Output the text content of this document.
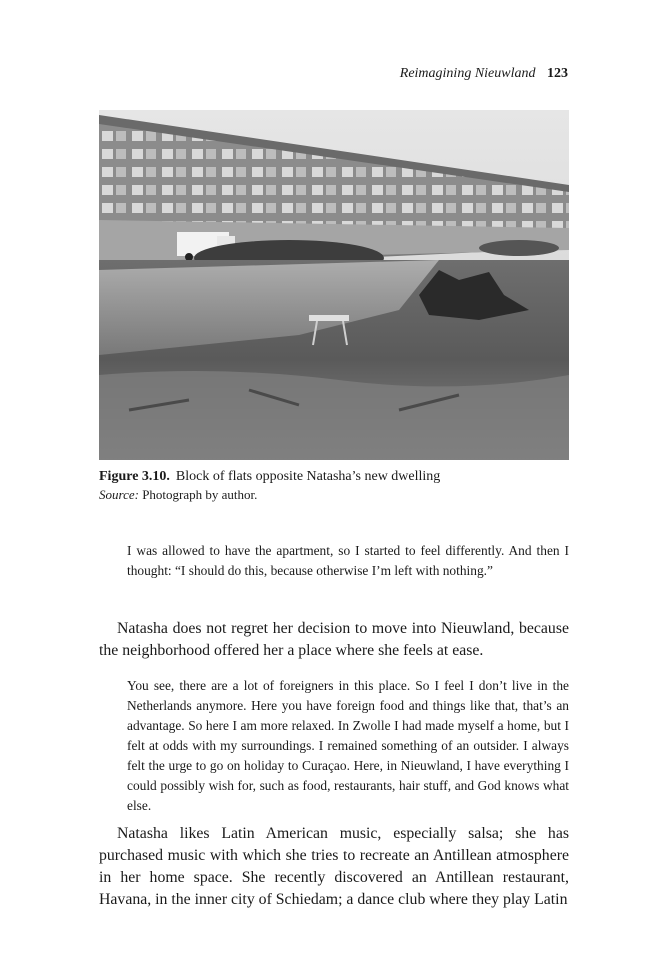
Reimagining Nieuwland 123
Figure 3.10. Block of flats opposite Natasha’s new dwelling
Source: Photograph by author.

I was allowed to have the apartment, so I started to feel differently. And then I thought: “I should do this, because otherwise I’m left with nothing.”

Natasha does not regret her decision to move into Nieuwland, because the neighborhood offered her a place where she feels at ease.

You see, there are a lot of foreigners in this place. So I feel I don’t live in the Netherlands anymore. Here you have foreign food and things like that, that’s an advantage. So here I am more relaxed. In Zwolle I had made myself a home, but I felt at odds with my surroundings. I remained something of an outsider. I always felt the urge to go on holiday to Curaçao. Here, in Nieuwland, I have everything I could possibly wish for, such as food, restaurants, hair stuff, and God knows what else.

Natasha likes Latin American music, especially salsa; she has purchased music with which she tries to recreate an Antillean atmosphere in her home space. She recently discovered an Antillean restaurant, Havana, in the inner city of Schiedam; a dance club where they play Latin
